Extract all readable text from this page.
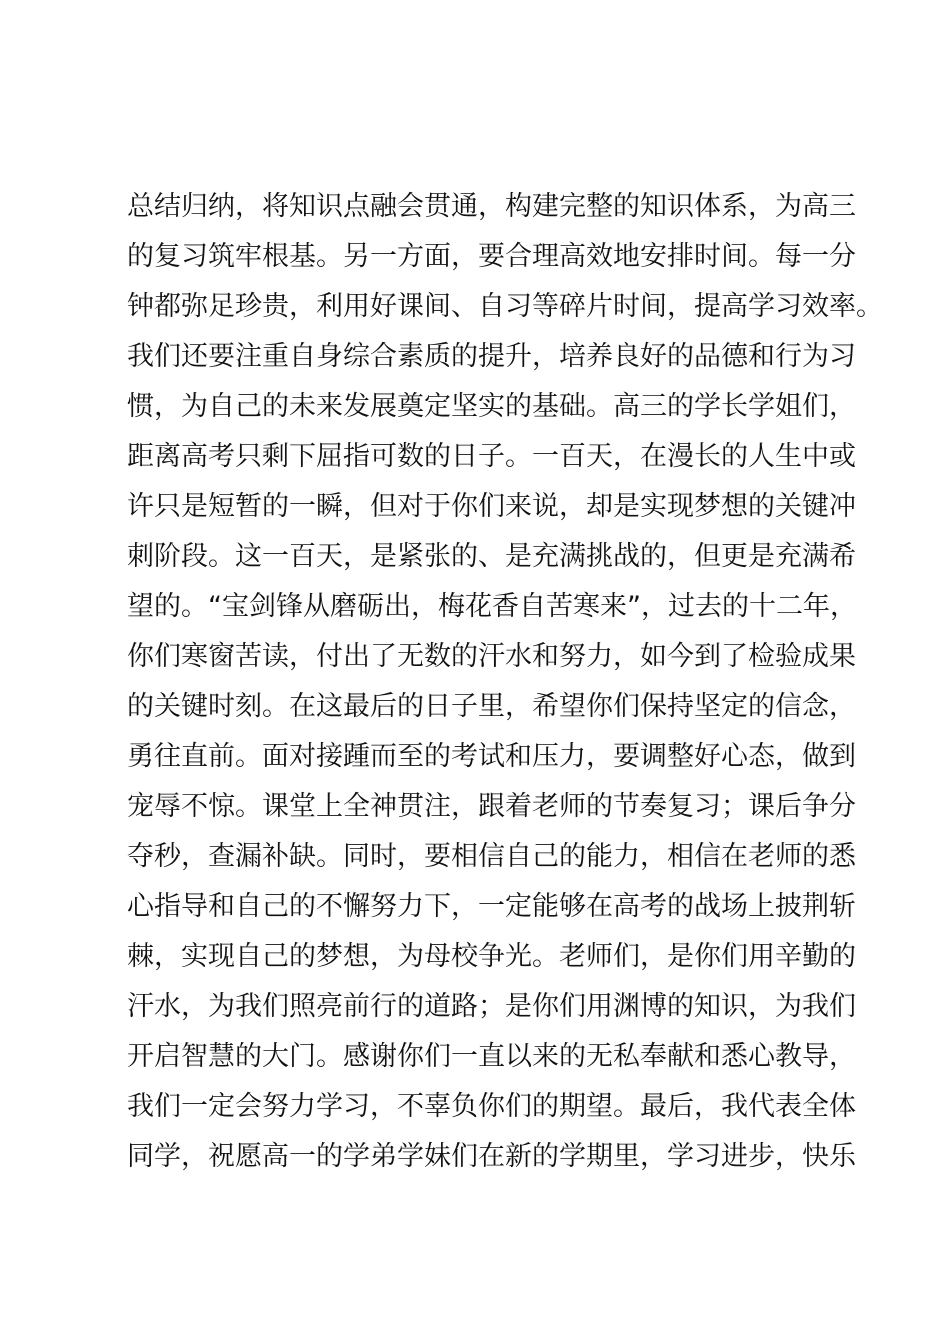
总结归纳，将知识点融会贯通，构建完整的知识体系，为高三
的复习筑牢根基。另一方面，要合理高效地安排时间。每一分
钟都弥足珍贵，利用好课间、自习等碎片时间，提高学习效率。
我们还要注重自身综合素质的提升，培养良好的品德和行为习
惯，为自己的未来发展奠定坚实的基础。高三的学长学姐们，
距离高考只剩下屈指可数的日子。一百天，在漫长的人生中或
许只是短暂的一瞬，但对于你们来说，却是实现梦想的关键冲
刺阶段。这一百天，是紧张的、是充满挑战的，但更是充满希
望的。“宝剑锋从磨砺出，梅花香自苦寒来”，过去的十二年，
你们寒窗苦读，付出了无数的汗水和努力，如今到了检验成果
的关键时刻。在这最后的日子里，希望你们保持坚定的信念，
勇往直前。面对接踵而至的考试和压力，要调整好心态，做到
宠辱不惊。课堂上全神贯注，跟着老师的节奏复习；课后争分
夺秒，查漏补缺。同时，要相信自己的能力，相信在老师的悉
心指导和自己的不懈努力下，一定能够在高考的战场上披荆斩
棘，实现自己的梦想，为母校争光。老师们，是你们用辛勤的
汗水，为我们照亮前行的道路；是你们用渊博的知识，为我们
开启智慧的大门。感谢你们一直以来的无私奉献和悉心教导，
我们一定会努力学习，不辜负你们的期望。最后，我代表全体
同学，祝愿高一的学弟学妹们在新的学期里，学习进步，快乐
